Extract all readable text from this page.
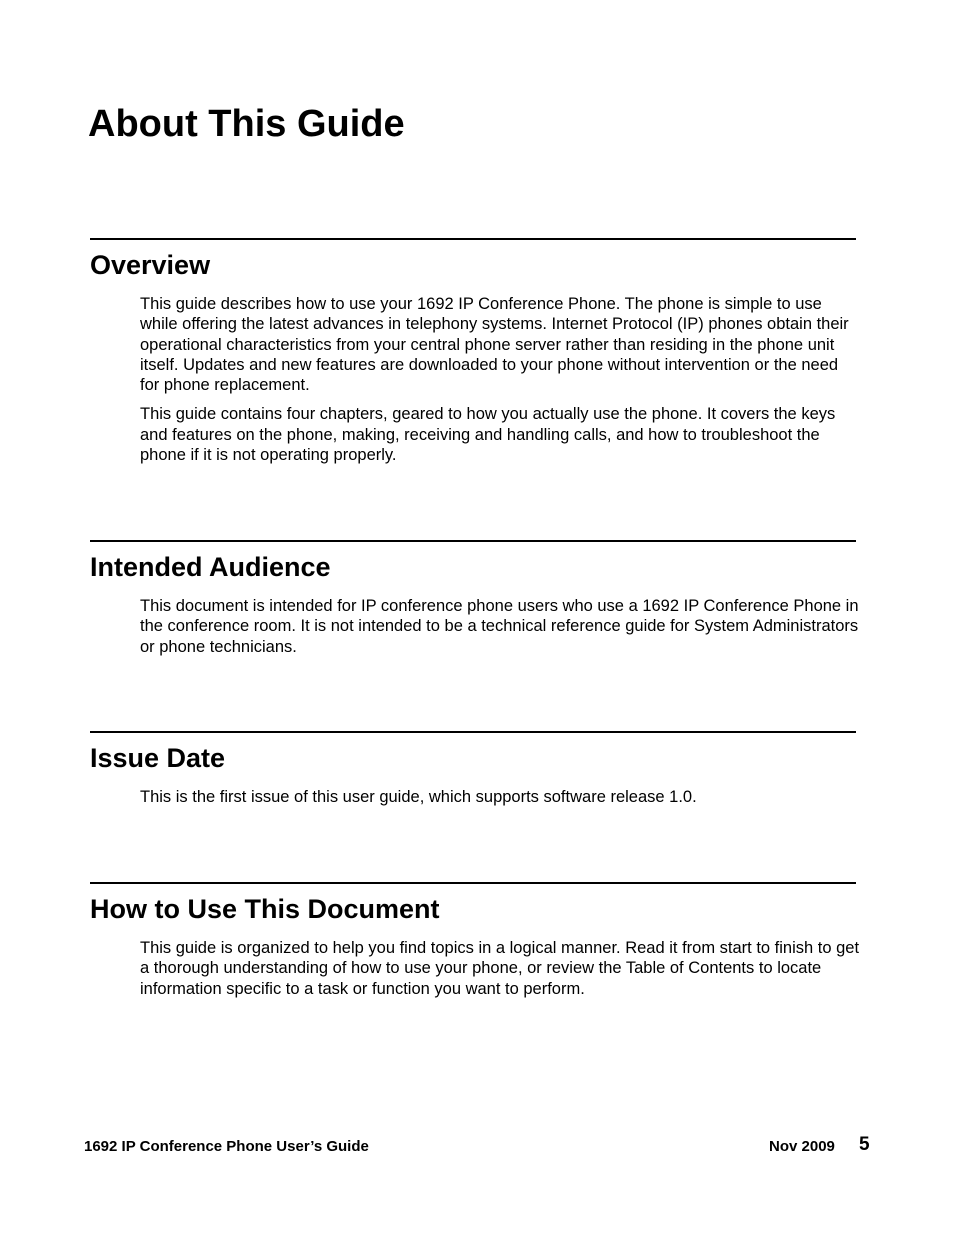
About This Guide
Overview

This guide describes how to use your 1692 IP Conference Phone. The phone is simple to use while offering the latest advances in telephony systems. Internet Protocol (IP) phones obtain their operational characteristics from your central phone server rather than residing in the phone unit itself. Updates and new features are downloaded to your phone without intervention or the need for phone replacement.

This guide contains four chapters, geared to how you actually use the phone. It covers the keys and features on the phone, making, receiving and handling calls, and how to troubleshoot the phone if it is not operating properly.

Intended Audience

This document is intended for IP conference phone users who use a 1692 IP Conference Phone in the conference room. It is not intended to be a technical reference guide for System Administrators or phone technicians.

Issue Date

This is the first issue of this user guide, which supports software release 1.0.

How to Use This Document

This guide is organized to help you find topics in a logical manner. Read it from start to finish to get a thorough understanding of how to use your phone, or review the Table of Contents to locate information specific to a task or function you want to perform.

1692 IP Conference Phone User’s Guide	Nov 2009 5
